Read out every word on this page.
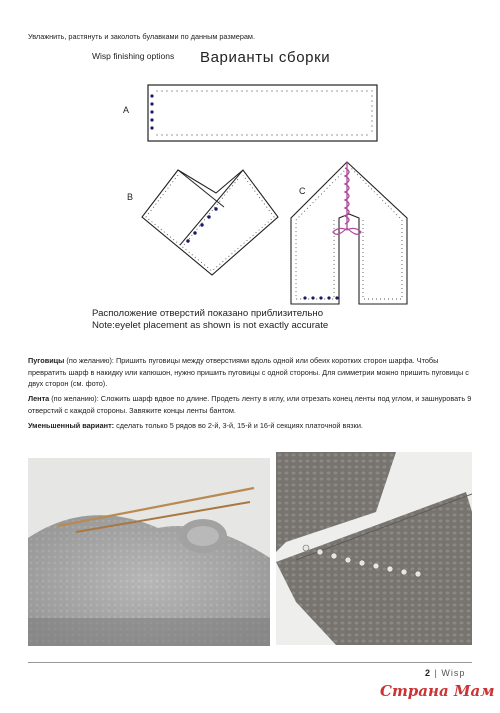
Увлажнить, растянуть и заколоть булавками по данным размерам.
Wisp finishing options Варианты сборки
A
B
C
Расположение отверстий показано приблизительно
Note:eyelet placement as shown is not exactly accurate
Пуговицы (по желанию): Пришить пуговицы между отверстиями вдоль одной или обеих коротких сторон шарфа. Чтобы превратить шарф в накидку или капюшон, нужно пришить пуговицы с одной стороны. Для симметрии можно пришить пуговицы с двух сторон (см. фото).
Лента (по желанию): Сложить шарф вдвое по длине. Продеть ленту в иглу, или отрезать конец ленты под углом, и зашнуровать 9 отверстий с каждой стороны. Завяжите концы ленты бантом.
Уменьшенный вариант: сделать только 5 рядов во 2-й, 3-й, 15-й и 16-й секциях платочной вязки.
2 | Wisp
Страна Мам
